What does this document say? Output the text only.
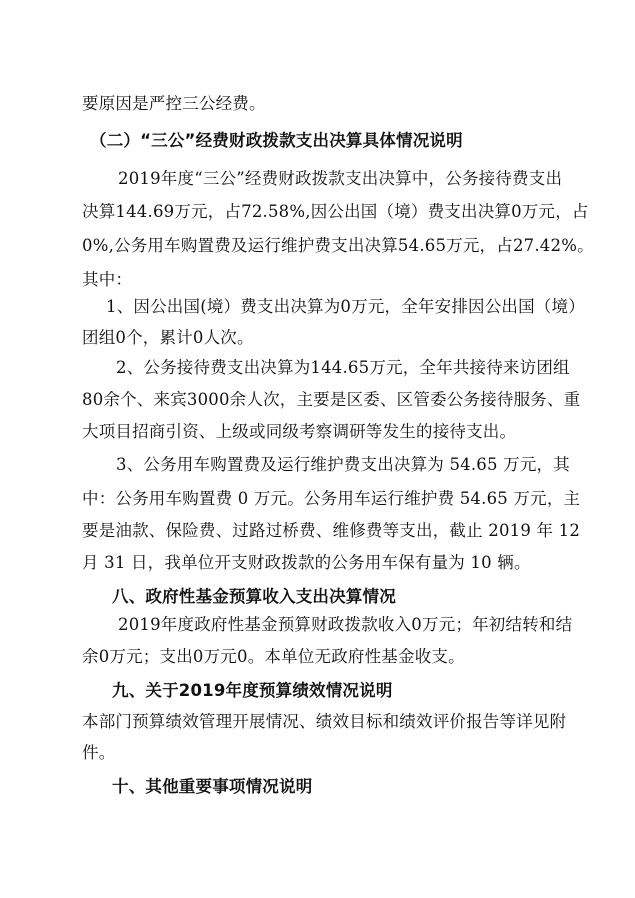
要原因是严控三公经费。
（二）“三公”经费财政拨款支出决算具体情况说明
2019年度“三公”经费财政拨款支出决算中，公务接待费支出
决算144.69万元，占72.58%,因公出国（境）费支出决算0万元，占
0%,公务用车购置费及运行维护费支出决算54.65万元，占27.42%。
其中：
1、因公出国(境）费支出决算为0万元，全年安排因公出国（境）
团组0个，累计0人次。
2、公务接待费支出决算为144.65万元，全年共接待来访团组
80余个、来宾3000余人次，主要是区委、区管委公务接待服务、重
大项目招商引资、上级或同级考察调研等发生的接待支出。
3、公务用车购置费及运行维护费支出决算为 54.65 万元，其
中：公务用车购置费 0 万元。公务用车运行维护费 54.65 万元，主
要是油款、保险费、过路过桥费、维修费等支出，截止 2019 年 12
月 31 日，我单位开支财政拨款的公务用车保有量为 10 辆。
八、政府性基金预算收入支出决算情况
2019年度政府性基金预算财政拨款收入0万元；年初结转和结
余0万元；支出0万元0。本单位无政府性基金收支。
九、关于2019年度预算绩效情况说明
本部门预算绩效管理开展情况、绩效目标和绩效评价报告等详见附
件。
十、其他重要事项情况说明
